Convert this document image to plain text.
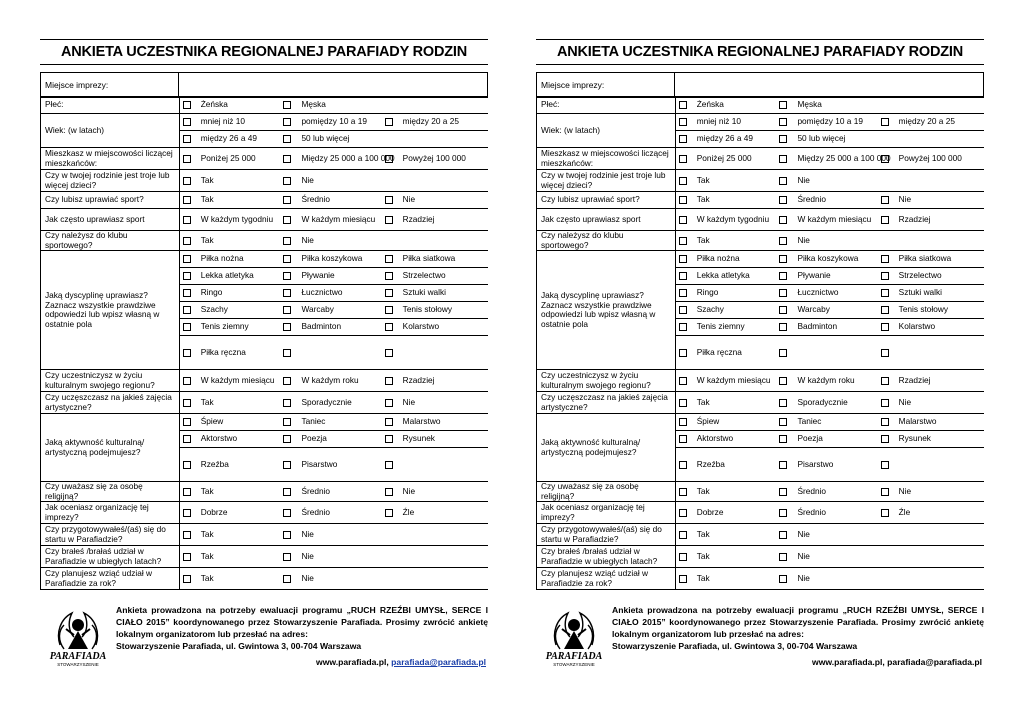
ANKIETA UCZESTNIKA REGIONALNEJ PARAFIADY RODZIN
Miejsce imprezy:
Płeć:	Żeńska	Męska	

Wiek: (w latach)	mniej niż 10	pomiędzy 10 a 19	między 20 a 25

	między 26 a 49	50 lub więcej	

Mieszkasz w miejscowości liczącej mieszkańców:	Poniżej 25 000	Między 25 000 a 100 000	Powyżej 100 000

Czy w twojej rodzinie jest troje lub więcej dzieci?	Tak	Nie	

Czy lubisz uprawiać sport?	Tak	Średnio	Nie

Jak często uprawiasz sport	W każdym tygodniu	W każdym miesiącu	Rzadziej

Czy należysz do klubu sportowego?	Tak	Nie	

Jaką dyscyplinę uprawiasz? Zaznacz wszystkie prawdziwe odpowiedzi lub wpisz własną w ostatnie pola	Piłka nożna	Piłka koszykowa	Piłka siatkowa

	Lekka atletyka	Pływanie	Strzelectwo

	Ringo	Łucznictwo	Sztuki walki

	Szachy	Warcaby	Tenis stołowy

	Tenis ziemny	Badminton	Kolarstwo

	Piłka ręczna		

Czy uczestniczysz w życiu kulturalnym swojego regionu?	W każdym miesiącu	W każdym roku	Rzadziej

Czy uczęszczasz na jakieś zajęcia artystyczne?	Tak	Sporadycznie	Nie

Jaką aktywność kulturalną/ artystyczną podejmujesz?	Śpiew	Taniec	Malarstwo

	Aktorstwo	Poezja	Rysunek

	Rzeźba	Pisarstwo	

Czy uważasz się za osobę religijną?	Tak	Średnio	Nie

Jak oceniasz organizację tej imprezy?	Dobrze	Średnio	Źle

Czy przygotowywałeś/(aś) się do startu w Parafiadzie?	Tak	Nie	

Czy brałeś /brałaś udział w Parafiadzie w ubiegłych latach?	Tak	Nie	

Czy planujesz wziąć udział w Parafiadzie za rok?	Tak	Nie	

PARAFIADA
STOWARZYSZENIE
Ankieta prowadzona na potrzeby ewaluacji programu „RUCH RZEŹBI UMYSŁ, SERCE I CIAŁO 2015” koordynowanego przez Stowarzyszenie Parafiada. Prosimy zwrócić ankietę lokalnym organizatorom lub przesłać na adres:
Stowarzyszenie Parafiada, ul. Gwintowa 3, 00-704 Warszawa
www.parafiada.pl, parafiada@parafiada.pl
ANKIETA UCZESTNIKA REGIONALNEJ PARAFIADY RODZIN
Miejsce imprezy:
Płeć:	Żeńska	Męska	

Wiek: (w latach)	mniej niż 10	pomiędzy 10 a 19	między 20 a 25

	między 26 a 49	50 lub więcej	

Mieszkasz w miejscowości liczącej mieszkańców:	Poniżej 25 000	Między 25 000 a 100 000	Powyżej 100 000

Czy w twojej rodzinie jest troje lub więcej dzieci?	Tak	Nie	

Czy lubisz uprawiać sport?	Tak	Średnio	Nie

Jak często uprawiasz sport	W każdym tygodniu	W każdym miesiącu	Rzadziej

Czy należysz do klubu sportowego?	Tak	Nie	

Jaką dyscyplinę uprawiasz? Zaznacz wszystkie prawdziwe odpowiedzi lub wpisz własną w ostatnie pola	Piłka nożna	Piłka koszykowa	Piłka siatkowa

	Lekka atletyka	Pływanie	Strzelectwo

	Ringo	Łucznictwo	Sztuki walki

	Szachy	Warcaby	Tenis stołowy

	Tenis ziemny	Badminton	Kolarstwo

	Piłka ręczna		

Czy uczestniczysz w życiu kulturalnym swojego regionu?	W każdym miesiącu	W każdym roku	Rzadziej

Czy uczęszczasz na jakieś zajęcia artystyczne?	Tak	Sporadycznie	Nie

Jaką aktywność kulturalną/ artystyczną podejmujesz?	Śpiew	Taniec	Malarstwo

	Aktorstwo	Poezja	Rysunek

	Rzeźba	Pisarstwo	

Czy uważasz się za osobę religijną?	Tak	Średnio	Nie

Jak oceniasz organizację tej imprezy?	Dobrze	Średnio	Źle

Czy przygotowywałeś/(aś) się do startu w Parafiadzie?	Tak	Nie	

Czy brałeś /brałaś udział w Parafiadzie w ubiegłych latach?	Tak	Nie	

Czy planujesz wziąć udział w Parafiadzie za rok?	Tak	Nie	

PARAFIADA
STOWARZYSZENIE
Ankieta prowadzona na potrzeby ewaluacji programu „RUCH RZEŹBI UMYSŁ, SERCE I CIAŁO 2015” koordynowanego przez Stowarzyszenie Parafiada. Prosimy zwrócić ankietę lokalnym organizatorom lub przesłać na adres:
Stowarzyszenie Parafiada, ul. Gwintowa 3, 00-704 Warszawa
www.parafiada.pl, parafiada@parafiada.pl
